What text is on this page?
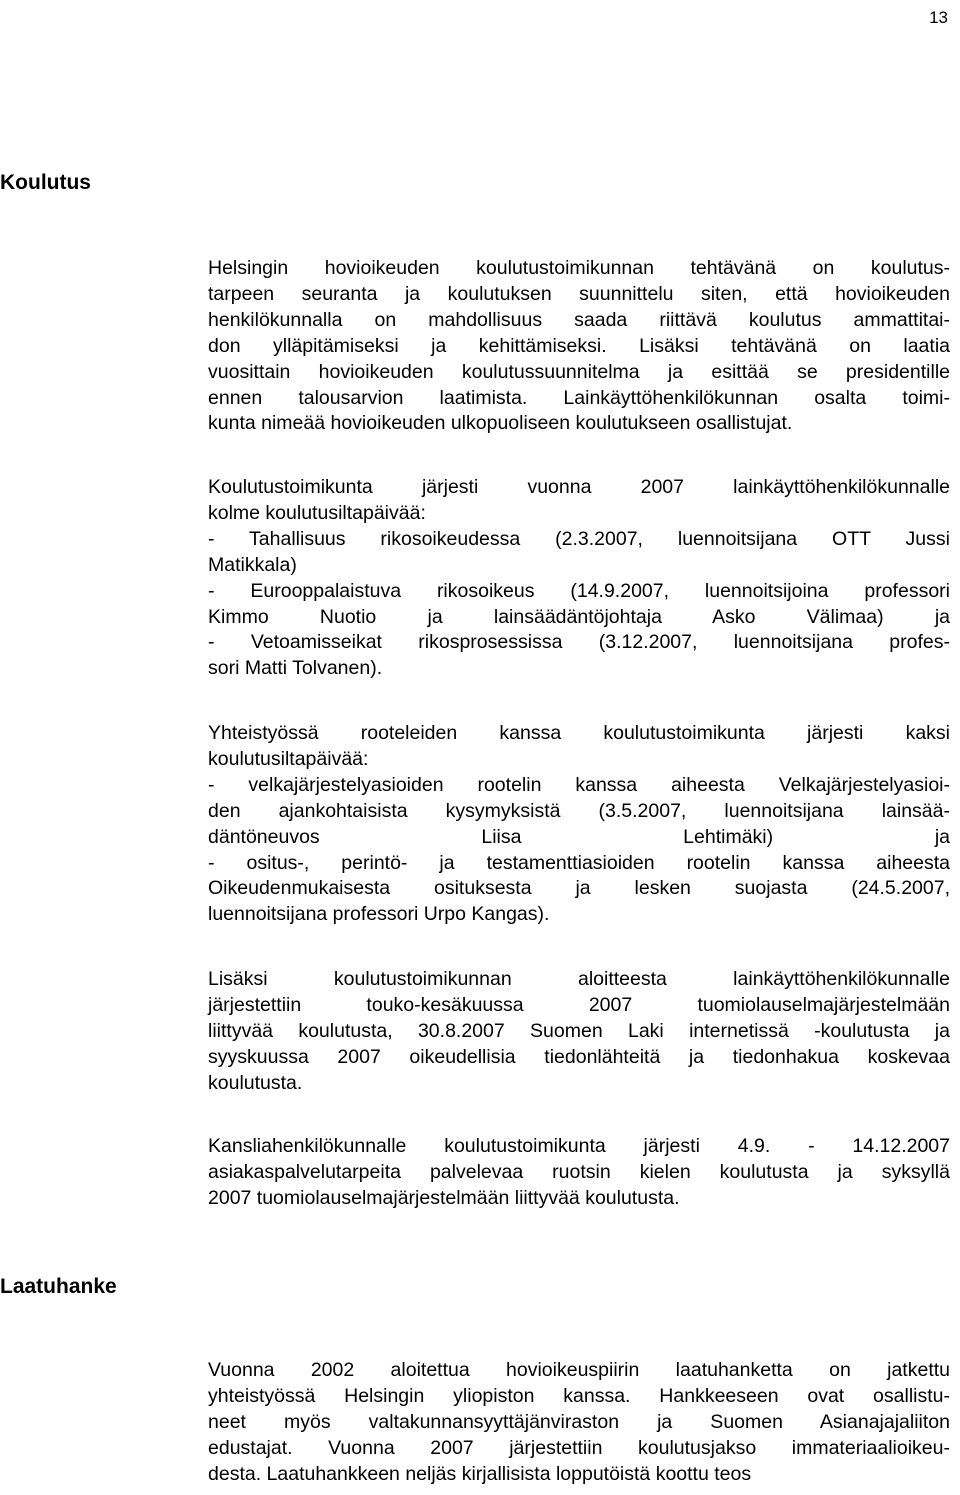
13
Koulutus

Helsingin hovioikeuden koulutustoimikunnan tehtävänä on koulutus-
tarpeen seuranta ja koulutuksen suunnittelu siten, että hovioikeuden
henkilökunnalla on mahdollisuus saada riittävä koulutus ammattitai-
don ylläpitämiseksi ja kehittämiseksi. Lisäksi tehtävänä on laatia
vuosittain hovioikeuden koulutussuunnitelma ja esittää se presidentille
ennen talousarvion laatimista. Lainkäyttöhenkilökunnan osalta toimi-
kunta nimeää hovioikeuden ulkopuoliseen koulutukseen osallistujat.

Koulutustoimikunta järjesti vuonna 2007 lainkäyttöhenkilökunnalle
kolme koulutusiltapäivää:
- Tahallisuus rikosoikeudessa (2.3.2007, luennoitsijana OTT Jussi
Matikkala)
- Eurooppalaistuva rikosoikeus (14.9.2007, luennoitsijoina professori
Kimmo Nuotio ja lainsäädäntöjohtaja Asko Välimaa) ja
- Vetoamisseikat rikosprosessissa (3.12.2007, luennoitsijana profes-
sori Matti Tolvanen).

Yhteistyössä rooteleiden kanssa koulutustoimikunta järjesti kaksi
koulutusiltapäivää:
- velkajärjestelyasioiden rootelin kanssa aiheesta Velkajärjestelyasioi-
den ajankohtaisista kysymyksistä (3.5.2007, luennoitsijana lainsää-
däntöneuvos Liisa Lehtimäki) ja
- ositus-, perintö- ja testamenttiasioiden rootelin kanssa aiheesta
Oikeudenmukaisesta osituksesta ja lesken suojasta (24.5.2007,
luennoitsijana professori Urpo Kangas).

Lisäksi koulutustoimikunnan aloitteesta lainkäyttöhenkilökunnalle
järjestettiin touko-kesäkuussa 2007 tuomiolauselmajärjestelmään
liittyvää koulutusta, 30.8.2007 Suomen Laki internetissä -koulutusta ja
syyskuussa 2007 oikeudellisia tiedonlähteitä ja tiedonhakua koskevaa
koulutusta.

Kansliahenkilökunnalle koulutustoimikunta järjesti 4.9. - 14.12.2007
asiakaspalvelutarpeita palvelevaa ruotsin kielen koulutusta ja syksyllä
2007 tuomiolauselmajärjestelmään liittyvää koulutusta.

Laatuhanke

Vuonna 2002 aloitettua hovioikeuspiirin laatuhanketta on jatkettu
yhteistyössä Helsingin yliopiston kanssa. Hankkeeseen ovat osallistu-
neet myös valtakunnansyyttäjänviraston ja Suomen Asianajajaliiton
edustajat. Vuonna 2007 järjestettiin koulutusjakso immateriaalioikeu-
desta. Laatuhankkeen neljäs kirjallisista lopputöistä koottu teos
